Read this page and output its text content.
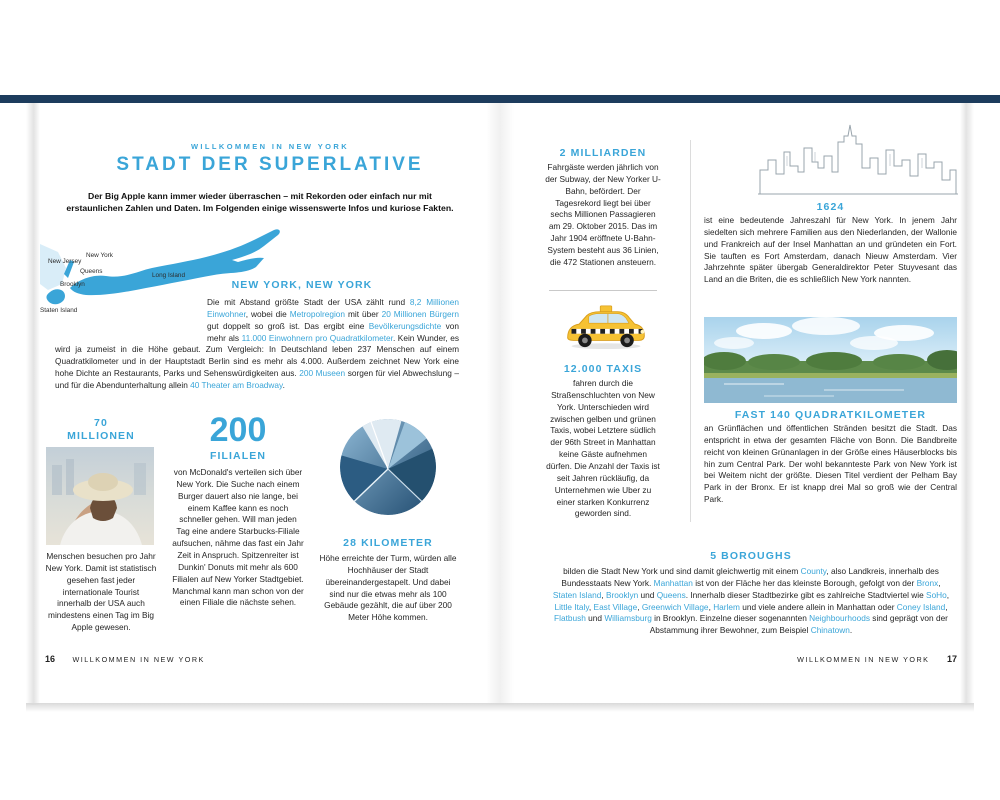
WILLKOMMEN IN NEW YORK
STADT DER SUPERLATIVE

Der Big Apple kann immer wieder überraschen – mit Rekorden oder einfach nur mit erstaunlichen Zahlen und Daten. Im Folgenden einige wissenswerte Infos und kuriose Fakten.

New Jersey
New York
Queens
Brooklyn
Long Island
Staten Island
NEW YORK, NEW YORK

Die mit Abstand größte Stadt der USA zählt rund 8,2 Millionen Einwohner, wobei die Metropolregion mit über 20 Millionen Bürgern gut doppelt so groß ist. Das ergibt eine Bevölkerungsdichte von mehr als 11.000 Einwohnern pro Quadratkilometer. Kein Wunder, es wird ja zumeist in die Höhe gebaut. Zum Vergleich: In Deutschland leben 237 Menschen auf einem Quadratkilometer und in der Hauptstadt Berlin sind es mehr als 4.000. Außerdem zeichnet New York eine hohe Dichte an Restaurants, Parks und Sehenswürdigkeiten aus. 200 Museen sorgen für viel Abwechslung – und für die Abendunterhaltung allein 40 Theater am Broadway.

70
MILLIONEN

Menschen besuchen pro Jahr New York. Damit ist statistisch gesehen fast jeder internationale Tourist innerhalb der USA auch mindestens einen Tag im Big Apple gewesen.

200
FILIALEN

von McDonald's verteilen sich über New York. Die Suche nach einem Burger dauert also nie lange, bei einem Kaffee kann es noch schneller gehen. Will man jeden Tag eine andere Starbucks-Filiale aufsuchen, nähme das fast ein Jahr Zeit in Anspruch. Spitzenreiter ist Dunkin' Donuts mit mehr als 600 Filialen auf New Yorker Stadtgebiet. Manchmal kann man schon von der einen Filiale die nächste sehen.

28 KILOMETER

Höhe erreichte der Turm, würden alle Hochhäuser der Stadt übereinandergestapelt. Und dabei sind nur die etwas mehr als 100 Gebäude gezählt, die auf über 200 Meter Höhe kommen.

16 WILLKOMMEN IN NEW YORK
2 MILLIARDEN

Fahrgäste werden jährlich von der Subway, der New Yorker U-Bahn, befördert. Der Tagesrekord liegt bei über sechs Millionen Passagieren am 29. Oktober 2015. Das im Jahr 1904 eröffnete U-Bahn-System besteht aus 36 Linien, die 472 Stationen ansteuern.

12.000 TAXIS

fahren durch die Straßenschluchten von New York. Unterschieden wird zwischen gelben und grünen Taxis, wobei Letztere südlich der 96th Street in Manhattan keine Gäste aufnehmen dürfen. Die Anzahl der Taxis ist seit Jahren rückläufig, da Unternehmen wie Uber zu einer starken Konkurrenz geworden sind.

1624

ist eine bedeutende Jahreszahl für New York. In jenem Jahr siedelten sich mehrere Familien aus den Niederlanden, der Wallonie und Frankreich auf der Insel Manhattan an und gründeten ein Fort. Sie tauften es Fort Amsterdam, danach Nieuw Amsterdam. Vier Jahrzehnte später übergab Generaldirektor Peter Stuyvesant das Land an die Briten, die es schließlich New York nannten.

FAST 140 QUADRATKILOMETER

an Grünflächen und öffentlichen Stränden besitzt die Stadt. Das entspricht in etwa der gesamten Fläche von Bonn. Die Bandbreite reicht von kleinen Grünanlagen in der Größe eines Häuserblocks bis hin zum Central Park. Der wohl bekannteste Park von New York ist bei Weitem nicht der größte. Diesen Titel verdient der Pelham Bay Park in der Bronx. Er ist knapp drei Mal so groß wie der Central Park.

5 BOROUGHS

bilden die Stadt New York und sind damit gleichwertig mit einem County, also Landkreis, innerhalb des Bundesstaats New York. Manhattan ist von der Fläche her das kleinste Borough, gefolgt von der Bronx, Staten Island, Brooklyn und Queens. Innerhalb dieser Stadtbezirke gibt es zahlreiche Stadtviertel wie SoHo, Little Italy, East Village, Greenwich Village, Harlem und viele andere allein in Manhattan oder Coney Island, Flatbush und Williamsburg in Brooklyn. Einzelne dieser sogenannten Neighbourhoods sind geprägt von der Abstammung ihrer Bewohner, zum Beispiel Chinatown.

WILLKOMMEN IN NEW YORK 17
